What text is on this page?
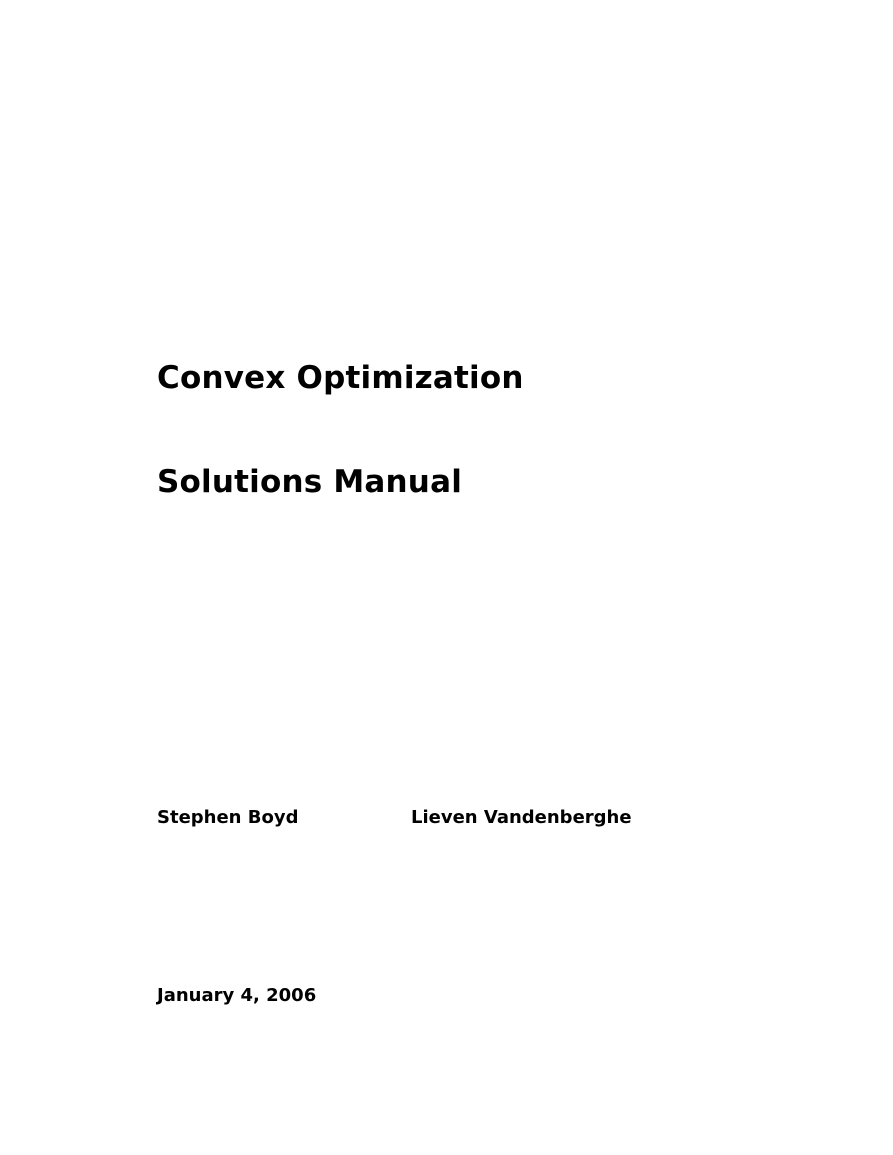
Convex Optimization
Solutions Manual
Stephen Boyd	Lieven Vandenberghe
January 4, 2006
